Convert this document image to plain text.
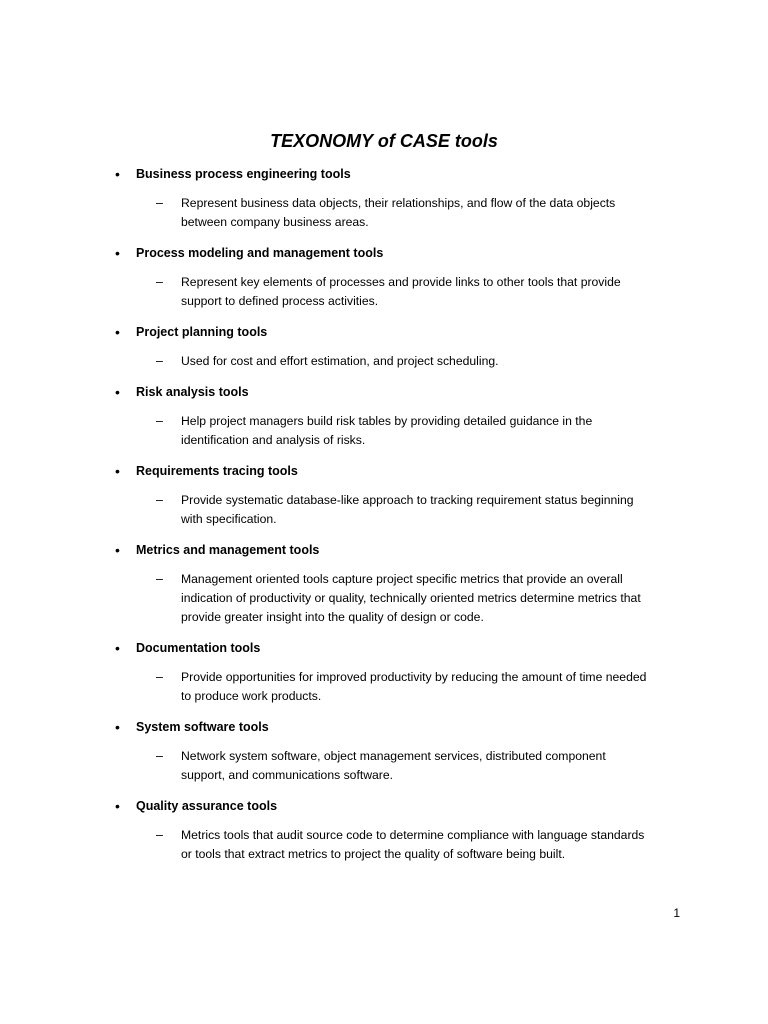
TEXONOMY of CASE tools
• Business process engineering tools
– Represent business data objects, their relationships, and flow of the data objects
between company business areas.
• Process modeling and management tools
– Represent key elements of processes and provide links to other tools that provide
support to defined process activities.
• Project planning tools
– Used for cost and effort estimation, and project scheduling.
• Risk analysis tools
– Help project managers build risk tables by providing detailed guidance in the
identification and analysis of risks.
• Requirements tracing tools
– Provide systematic database-like approach to tracking requirement status beginning
with specification.
• Metrics and management tools
– Management oriented tools capture project specific metrics that provide an overall
indication of productivity or quality, technically oriented metrics determine metrics that
provide greater insight into the quality of design or code.
• Documentation tools
– Provide opportunities for improved productivity by reducing the amount of time needed
to produce work products.
• System software tools
– Network system software, object management services, distributed component
support, and communications software.
• Quality assurance tools
– Metrics tools that audit source code to determine compliance with language standards
or tools that extract metrics to project the quality of software being built.
1
